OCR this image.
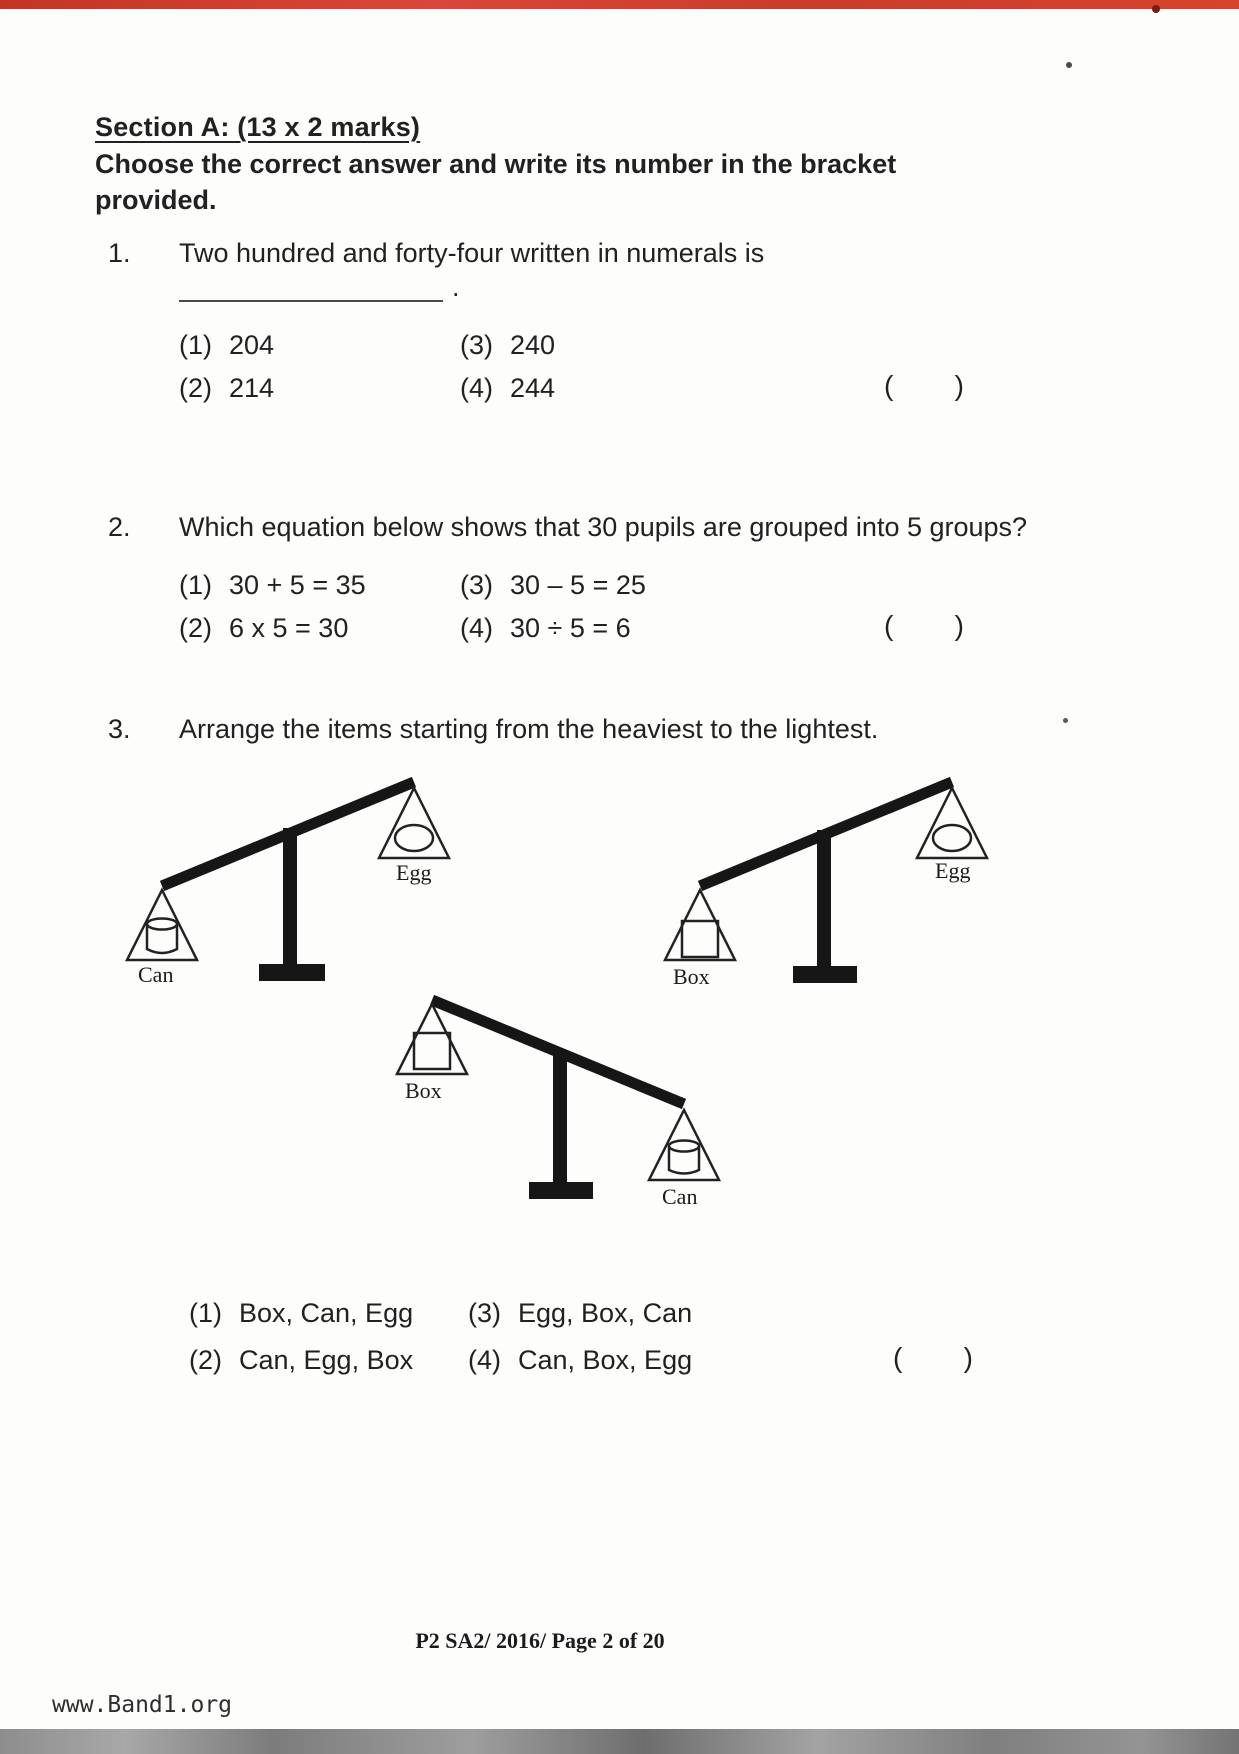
Section A: (13 x 2 marks)
Choose the correct answer and write its number in the bracket
provided.
1. Two hundred and forty-four written in numerals is
.
(1) 204	(3) 240
(2) 214	(4) 244	( )
2. Which equation below shows that 30 pupils are grouped into 5 groups?
(1) 30 + 5 = 35	(3) 30 – 5 = 25
(2) 6 x 5 = 30	(4) 30 ÷ 5 = 6	( )
3. Arrange the items starting from the heaviest to the lightest.
Can
Egg
Box
Egg
Box
Can
(1) Box, Can, Egg (3) Egg, Box, Can
(2) Can, Egg, Box (4) Can, Box, Egg	( )
P2 SA2/ 2016/ Page 2 of 20
www.Band1.org
